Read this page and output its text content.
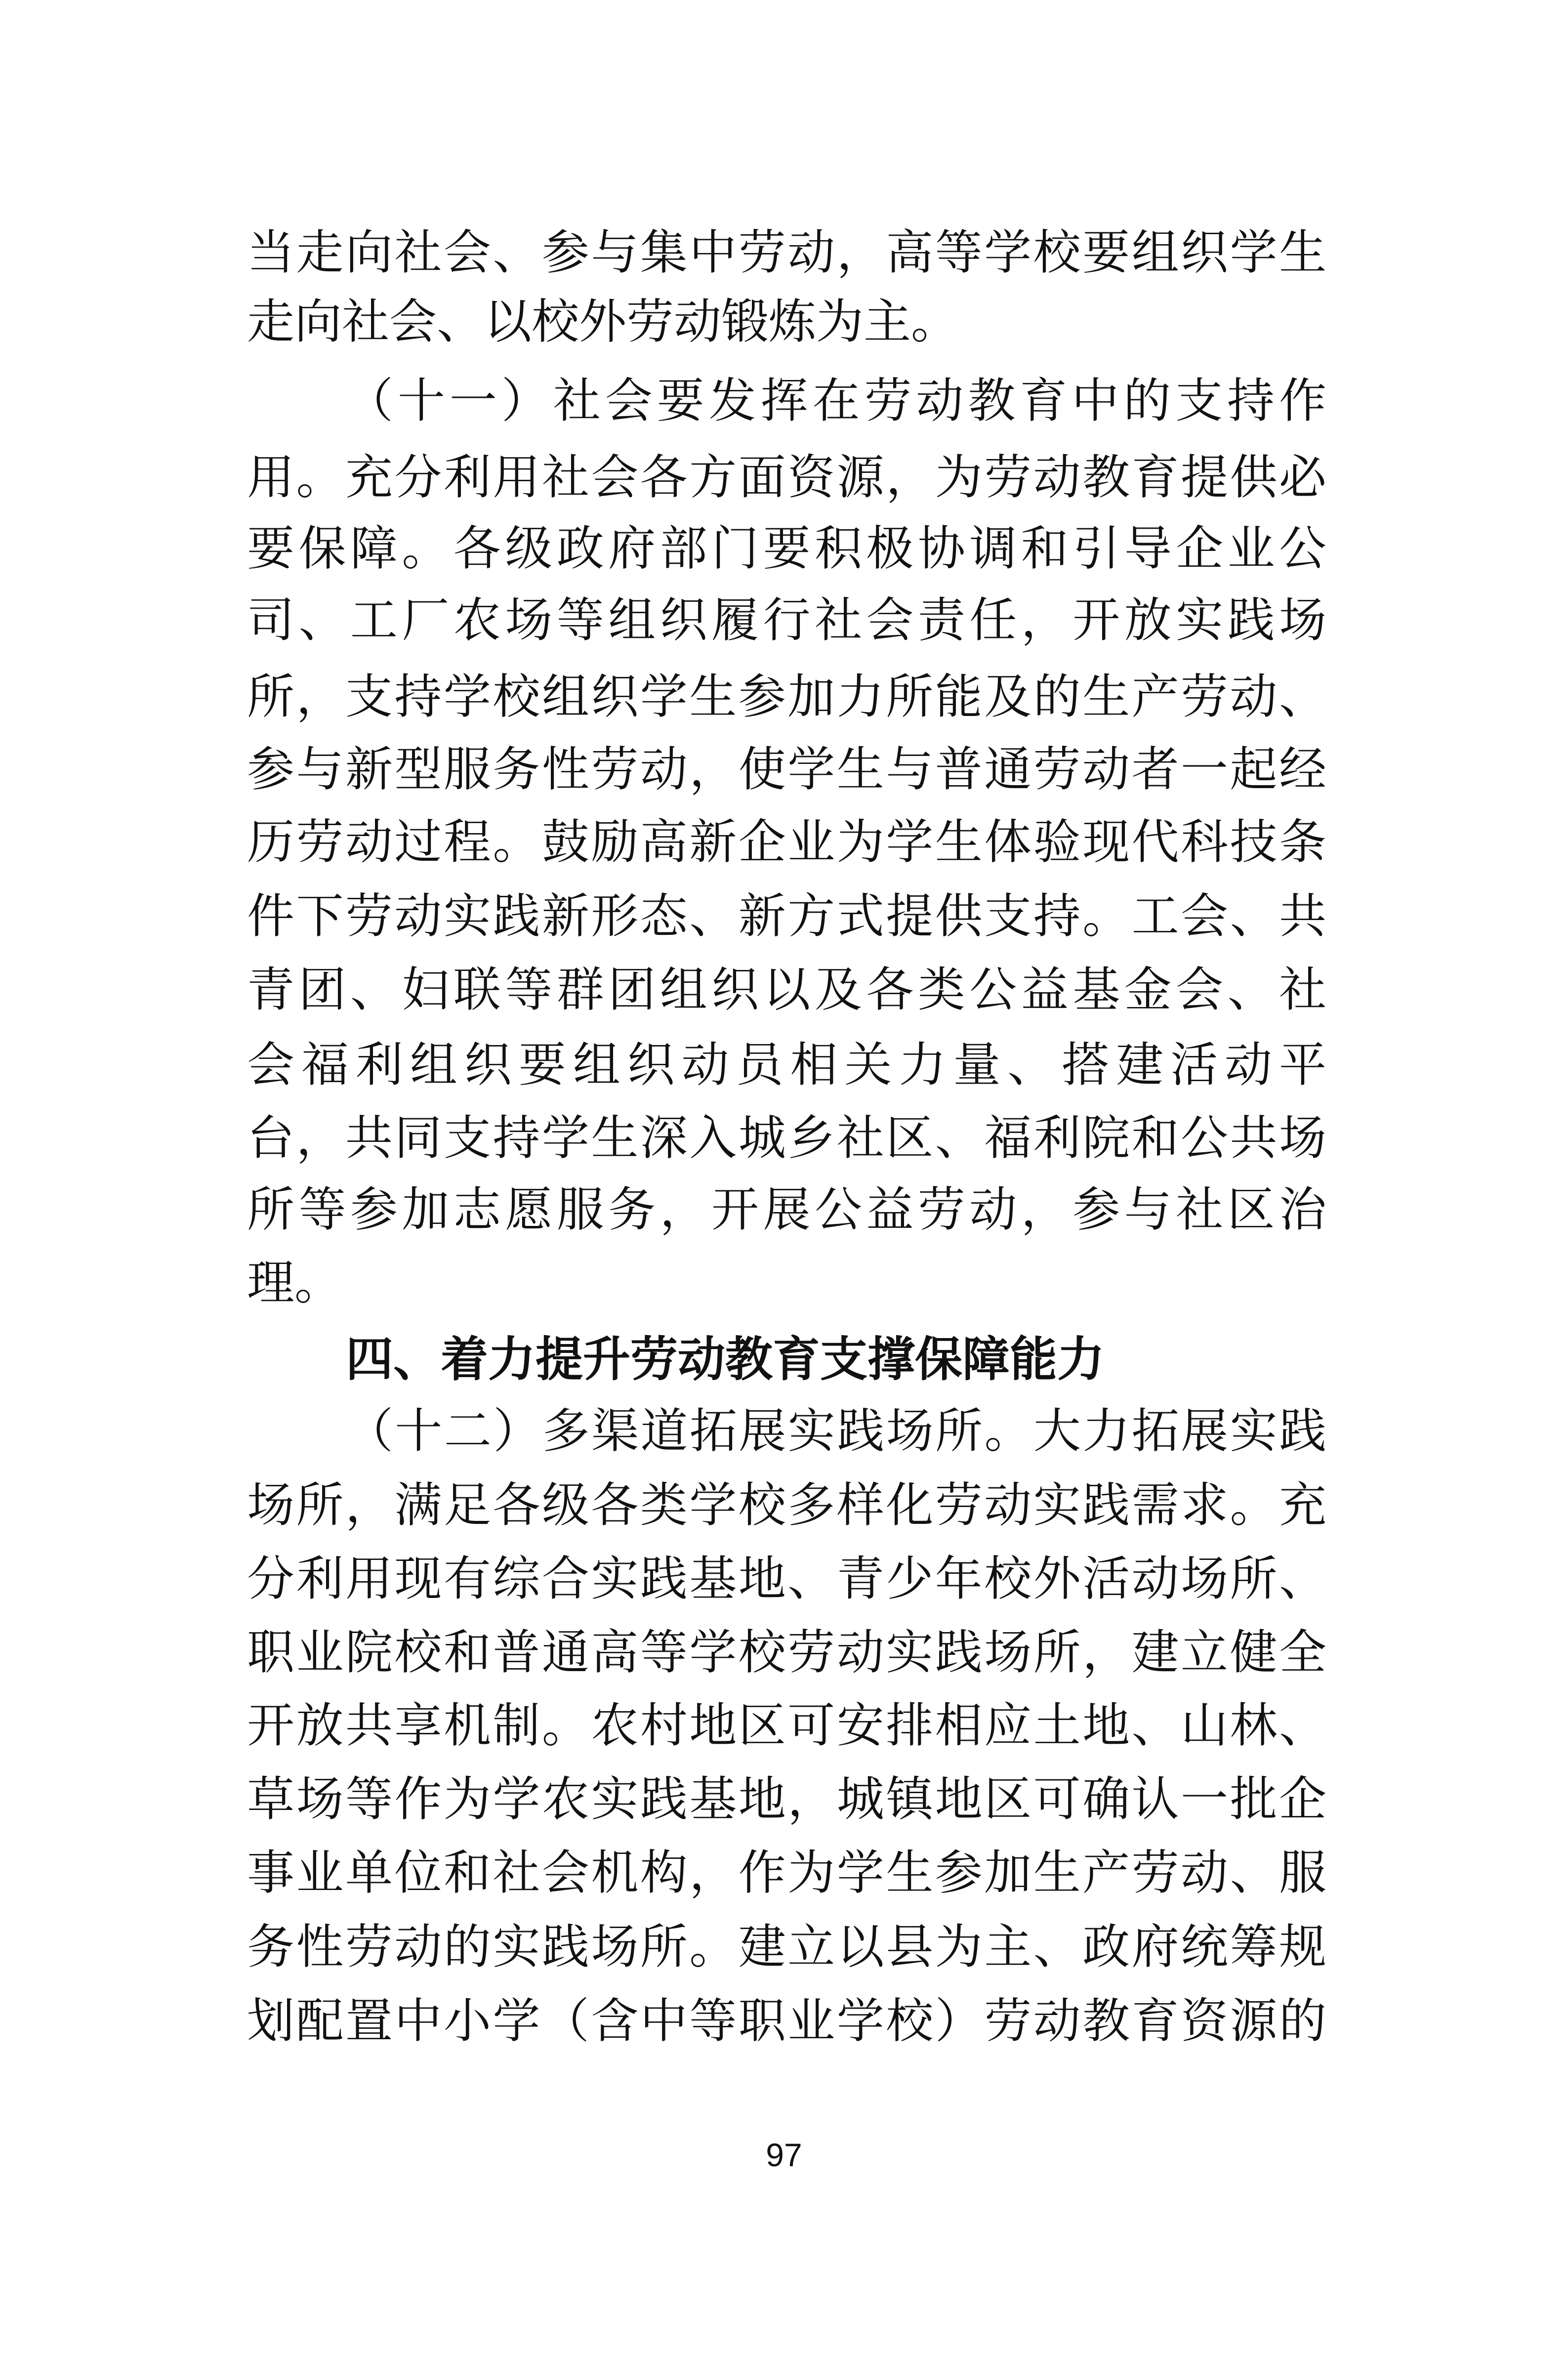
当走向社会、参与集中劳动，高等学校要组织学生
走向社会、以校外劳动锻炼为主。
（十一）社会要发挥在劳动教育中的支持作
用。充分利用社会各方面资源，为劳动教育提供必
要保障。各级政府部门要积极协调和引导企业公
司、工厂农场等组织履行社会责任，开放实践场
所，支持学校组织学生参加力所能及的生产劳动、
参与新型服务性劳动，使学生与普通劳动者一起经
历劳动过程。鼓励高新企业为学生体验现代科技条
件下劳动实践新形态、新方式提供支持。工会、共
青团、妇联等群团组织以及各类公益基金会、社
会福利组织要组织动员相关力量、搭建活动平
台，共同支持学生深入城乡社区、福利院和公共场
所等参加志愿服务，开展公益劳动，参与社区治
理。
四、着力提升劳动教育支撑保障能力
（十二）多渠道拓展实践场所。大力拓展实践
场所，满足各级各类学校多样化劳动实践需求。充
分利用现有综合实践基地、青少年校外活动场所、
职业院校和普通高等学校劳动实践场所，建立健全
开放共享机制。农村地区可安排相应土地、山林、
草场等作为学农实践基地，城镇地区可确认一批企
事业单位和社会机构，作为学生参加生产劳动、服
务性劳动的实践场所。建立以县为主、政府统筹规
划配置中小学（含中等职业学校）劳动教育资源的
97
